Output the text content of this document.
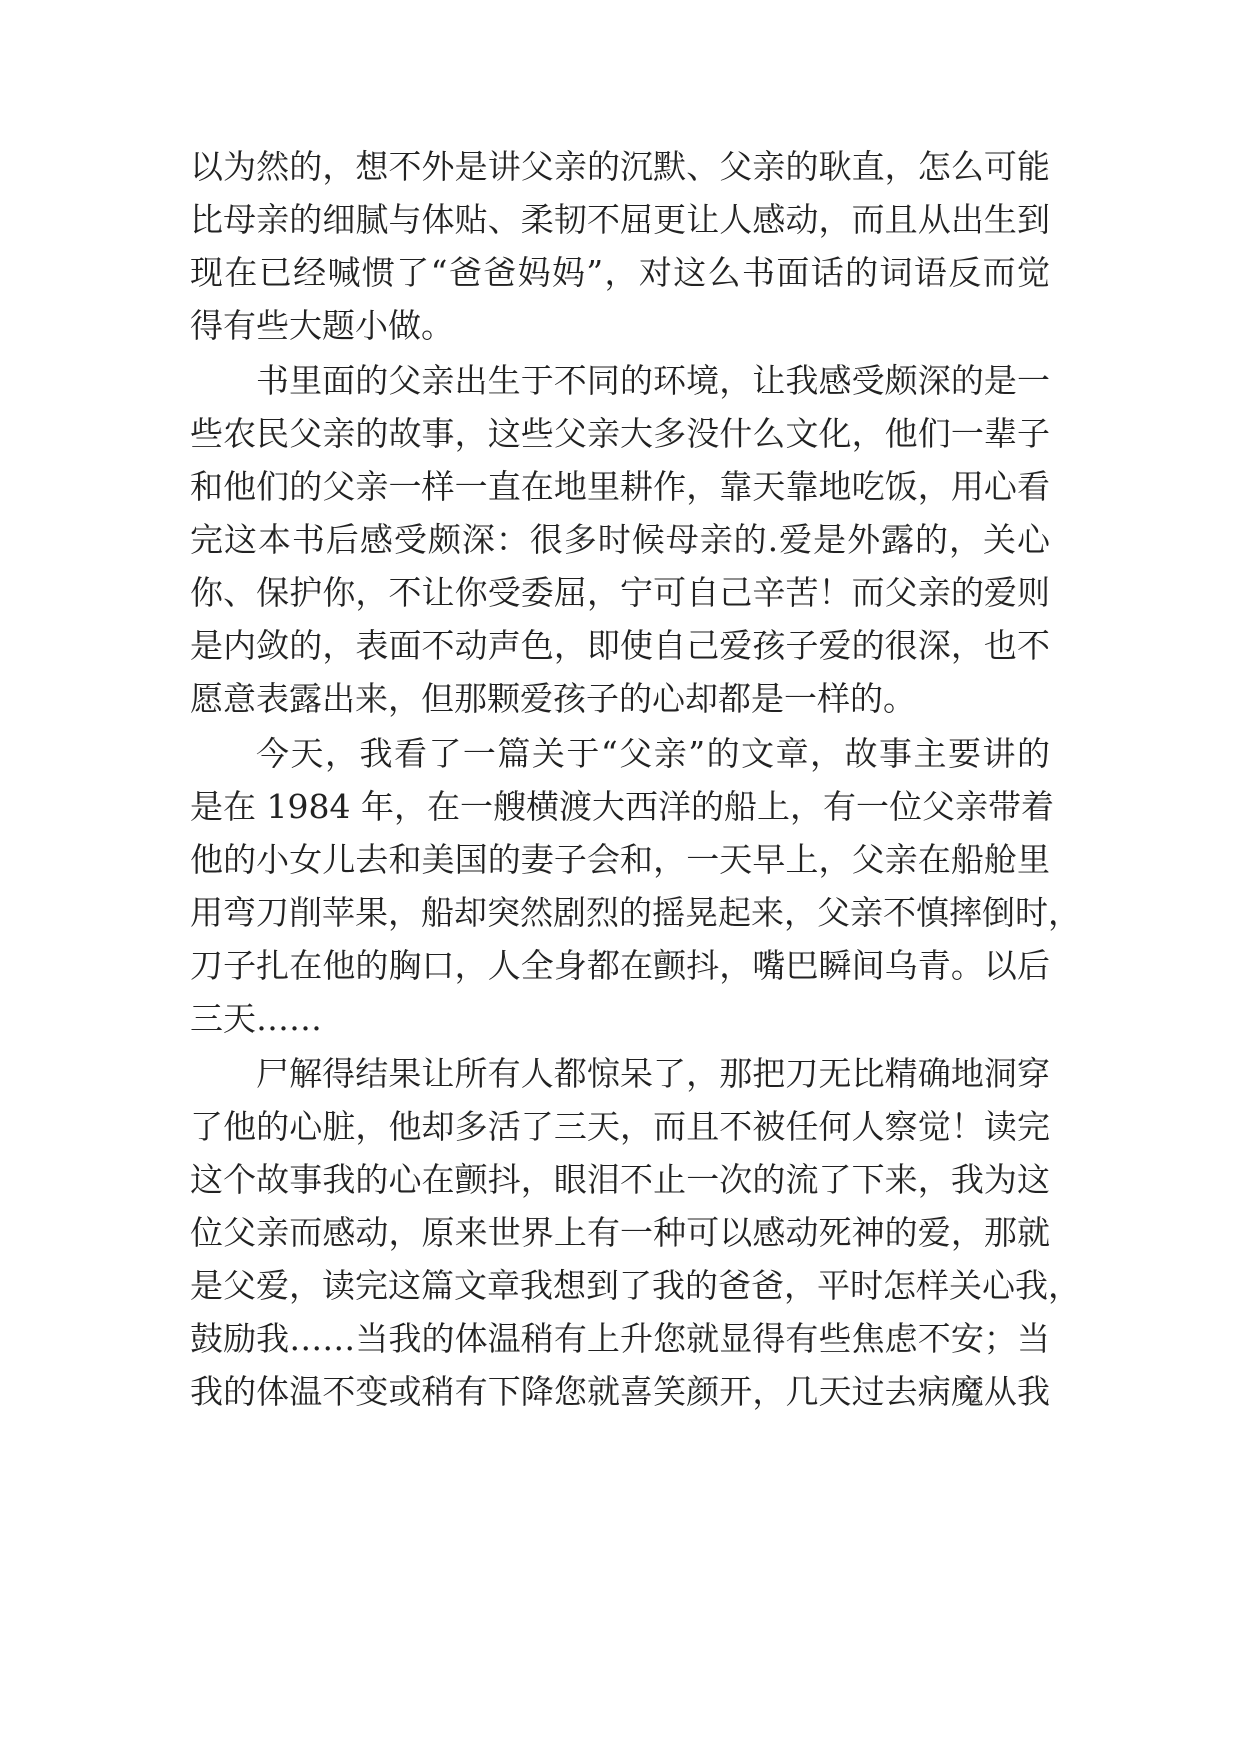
以为然的，想不外是讲父亲的沉默、父亲的耿直，怎么可能
比母亲的细腻与体贴、柔韧不屈更让人感动，而且从出生到
现在已经喊惯了“爸爸妈妈”，对这么书面话的词语反而觉
得有些大题小做。
书里面的父亲出生于不同的环境，让我感受颇深的是一
些农民父亲的故事，这些父亲大多没什么文化，他们一辈子
和他们的父亲一样一直在地里耕作，靠天靠地吃饭，用心看
完这本书后感受颇深：很多时候母亲的.爱是外露的，关心
你、保护你，不让你受委屈，宁可自己辛苦！而父亲的爱则
是内敛的，表面不动声色，即使自己爱孩子爱的很深，也不
愿意表露出来，但那颗爱孩子的心却都是一样的。
今天，我看了一篇关于“父亲”的文章，故事主要讲的
是在 1984 年，在一艘横渡大西洋的船上，有一位父亲带着
他的小女儿去和美国的妻子会和，一天早上，父亲在船舱里
用弯刀削苹果，船却突然剧烈的摇晃起来，父亲不慎摔倒时，
刀子扎在他的胸口，人全身都在颤抖，嘴巴瞬间乌青。以后
三天……
尸解得结果让所有人都惊呆了，那把刀无比精确地洞穿
了他的心脏，他却多活了三天，而且不被任何人察觉！读完
这个故事我的心在颤抖，眼泪不止一次的流了下来，我为这
位父亲而感动，原来世界上有一种可以感动死神的爱，那就
是父爱，读完这篇文章我想到了我的爸爸，平时怎样关心我，
鼓励我……当我的体温稍有上升您就显得有些焦虑不安；当
我的体温不变或稍有下降您就喜笑颜开，几天过去病魔从我
